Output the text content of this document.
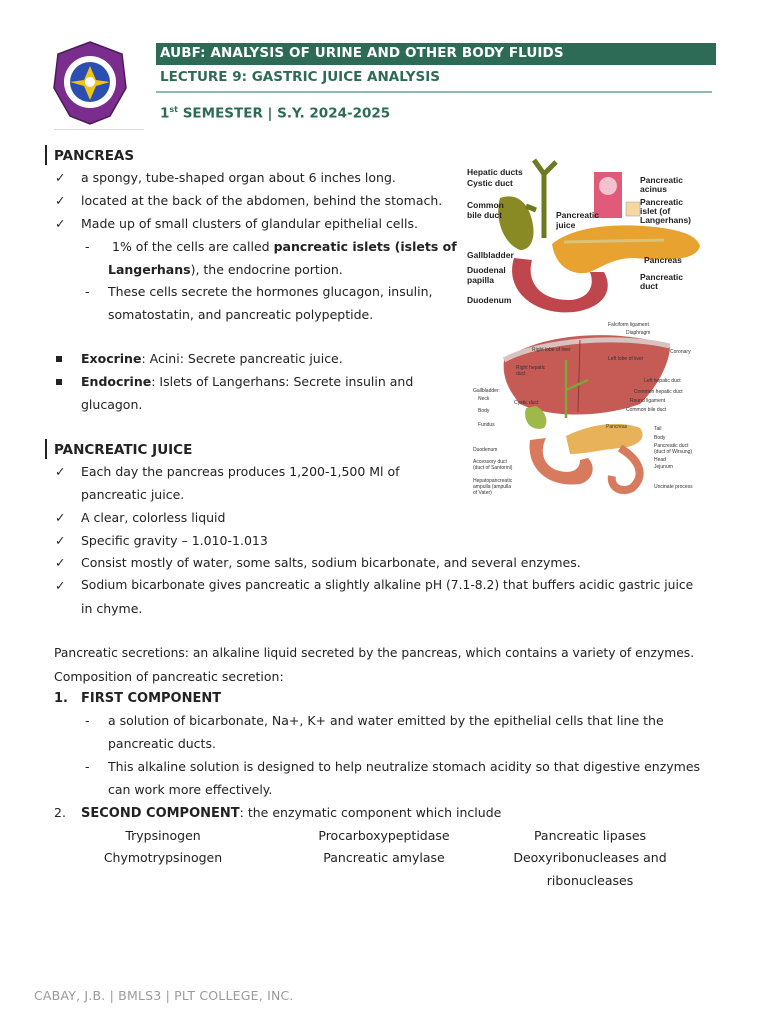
AUBF: ANALYSIS OF URINE AND OTHER BODY FLUIDS
LECTURE 9: GASTRIC JUICE ANALYSIS
1st SEMESTER | S.Y. 2024-2025
PANCREAS
✓ a spongy, tube-shaped organ about 6 inches long.
✓ located at the back of the abdomen, behind the stomach.
✓ Made up of small clusters of glandular epithelial cells.
- 1% of the cells are called pancreatic islets (islets of
Langerhans), the endocrine portion.
- These cells secrete the hormones glucagon, insulin,
somatostatin, and pancreatic polypeptide.
Exocrine: Acini: Secrete pancreatic juice.
Endocrine: Islets of Langerhans: Secrete insulin and
glucagon.
PANCREATIC JUICE
✓ Each day the pancreas produces 1,200-1,500 Ml of
pancreatic juice.
✓ A clear, colorless liquid
✓ Specific gravity – 1.010-1.013
✓ Consist mostly of water, some salts, sodium bicarbonate, and several enzymes.
✓ Sodium bicarbonate gives pancreatic a slightly alkaline pH (7.1-8.2) that buffers acidic gastric juice
in chyme.
Pancreatic secretions: an alkaline liquid secreted by the pancreas, which contains a variety of enzymes.
Composition of pancreatic secretion:
1. FIRST COMPONENT
- a solution of bicarbonate, Na+, K+ and water emitted by the epithelial cells that line the
pancreatic ducts.
- This alkaline solution is designed to help neutralize stomach acidity so that digestive enzymes
can work more effectively.
2. SECOND COMPONENT: the enzymatic component which include
Trypsinogen
Chymotrypsinogen
Procarboxypeptidase
Pancreatic amylase
Pancreatic lipases
Deoxyribonucleases and
ribonucleases
Hepatic ducts
Cystic duct
Common
bile duct
Gallbladder
Duodenal
papilla
Duodenum
Pancreatic
juice
Pancreatic
acinus
Pancreatic
islet (of
Langerhans)
Pancreas
Pancreatic
duct
Falciform ligament
Diaphragm
Coronary
Right lobe of liver
Left lobe of liver
Right hepatic
duct
Gallbladder:
Neck
Body
Fundus
Cystic duct
Left hepatic duct
Common hepatic duct
Round ligament
Common bile duct
Pancreas	Tail
Body
Pancreatic duct
(duct of Wirsung)
Head
Jejunum
Duodenum
Accessory duct
(duct of Santorini)
Hepatopancreatic
ampulla (ampulla
of Vater)
Uncinate process
CABAY, J.B. | BMLS3 | PLT COLLEGE, INC.
